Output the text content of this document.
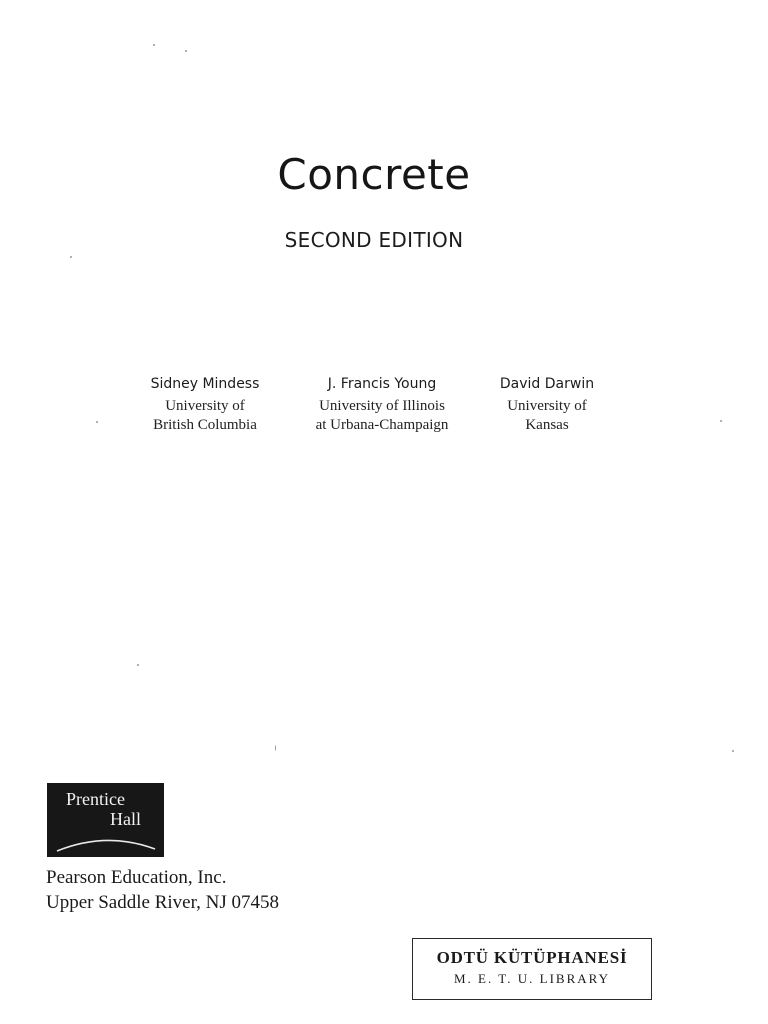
Concrete
SECOND EDITION
Sidney Mindess
University of
British Columbia
J. Francis Young
University of Illinois
at Urbana-Champaign
David Darwin
University of
Kansas
Prentice
Hall
Pearson Education, Inc.
Upper Saddle River, NJ 07458
ODTÜ KÜTÜPHANESİ
M. E. T. U. LIBRARY
